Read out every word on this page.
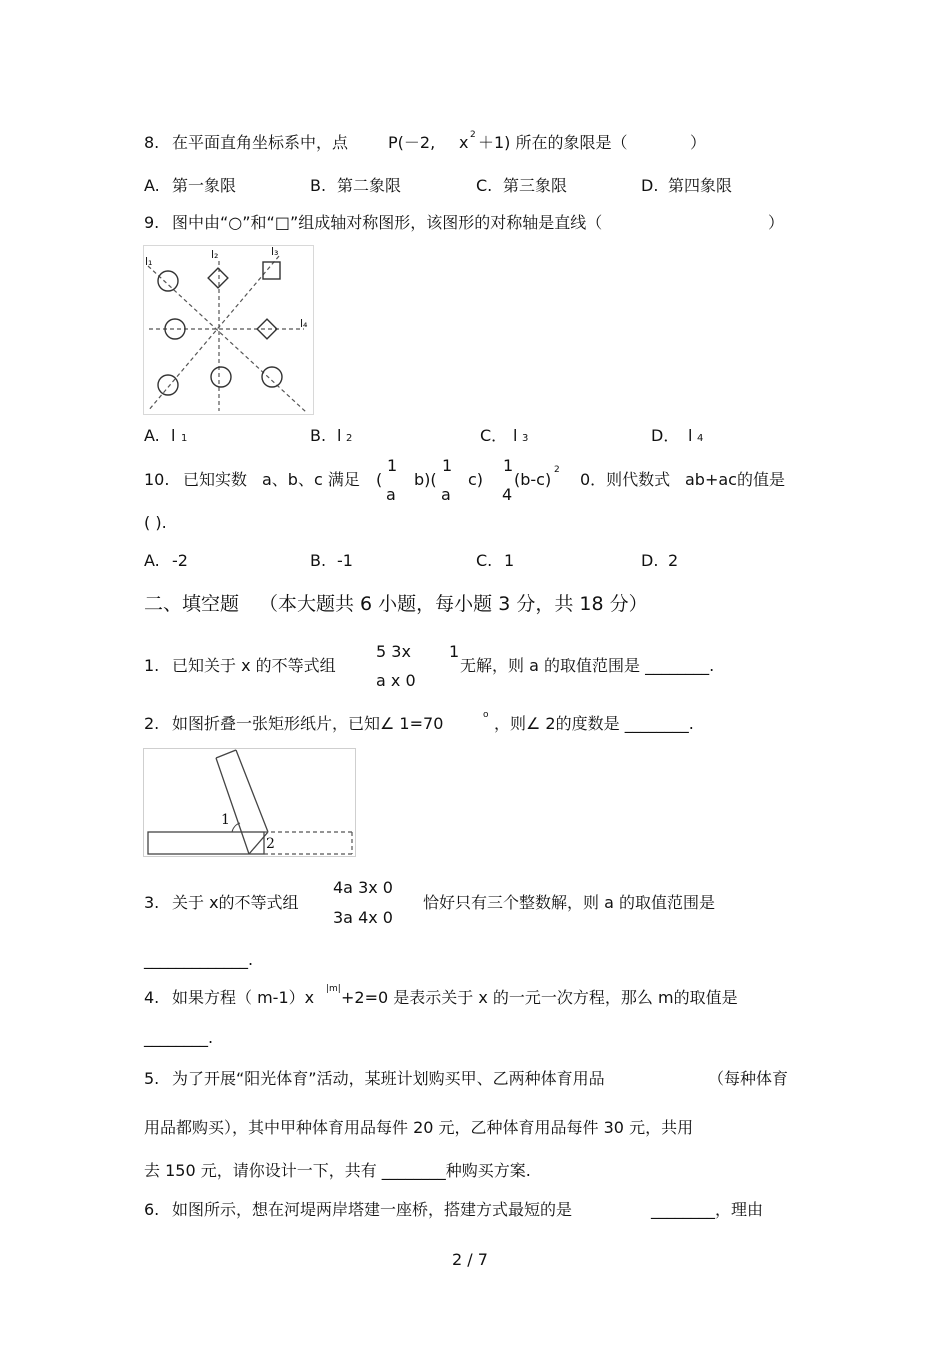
8. 在平面直角坐标系中，点 P(－2, x 2 ＋1) 所在的象限是（	）
A. 第一象限	B. 第二象限	C. 第三象限	D. 第四象限
9. 图中由“○”和“□”组成轴对称图形，该图形的对称轴是直线（	）
l₁
l₂	l₃
l₄
A. l 1	B. l 2	C． l 3	D． l 4
10. 已知实数 a、b、c 满足 (
1
a
b)(
1
a
c)
1
4
(b-c) 2 0．则代数式 ab+ac 的值是
( ).
A. -2	B. -1	C. 1	D. 2
二、填空题 （本大题共 6 小题，每小题 3 分，共 18 分）
1. 已知关于 x 的不等式组
5 3x 1
a x 0
无解，则 a 的取值范围是 ________.
2. 如图折叠一张矩形纸片，已知∠ 1=70	o ，则∠ 2的度数是 ________.
1
2
3. 关于 x的不等式组
4a 3x 0
3a 4x 0
恰好只有三个整数解，则 a 的取值范围是
_____________.
4. 如果方程（ m-1）x |m| +2=0 是表示关于 x 的一元一次方程，那么 m的取值是
________.
5. 为了开展“阳光体育”活动，某班计划购买甲、乙两种体育用品	（每种体育
用品都购买），其中甲种体育用品每件 20 元，乙种体育用品每件 30 元，共用
去 150 元，请你设计一下，共有 ________种购买方案.
6. 如图所示，想在河堤两岸塔建一座桥，搭建方式最短的是	________，理由
2 / 7
